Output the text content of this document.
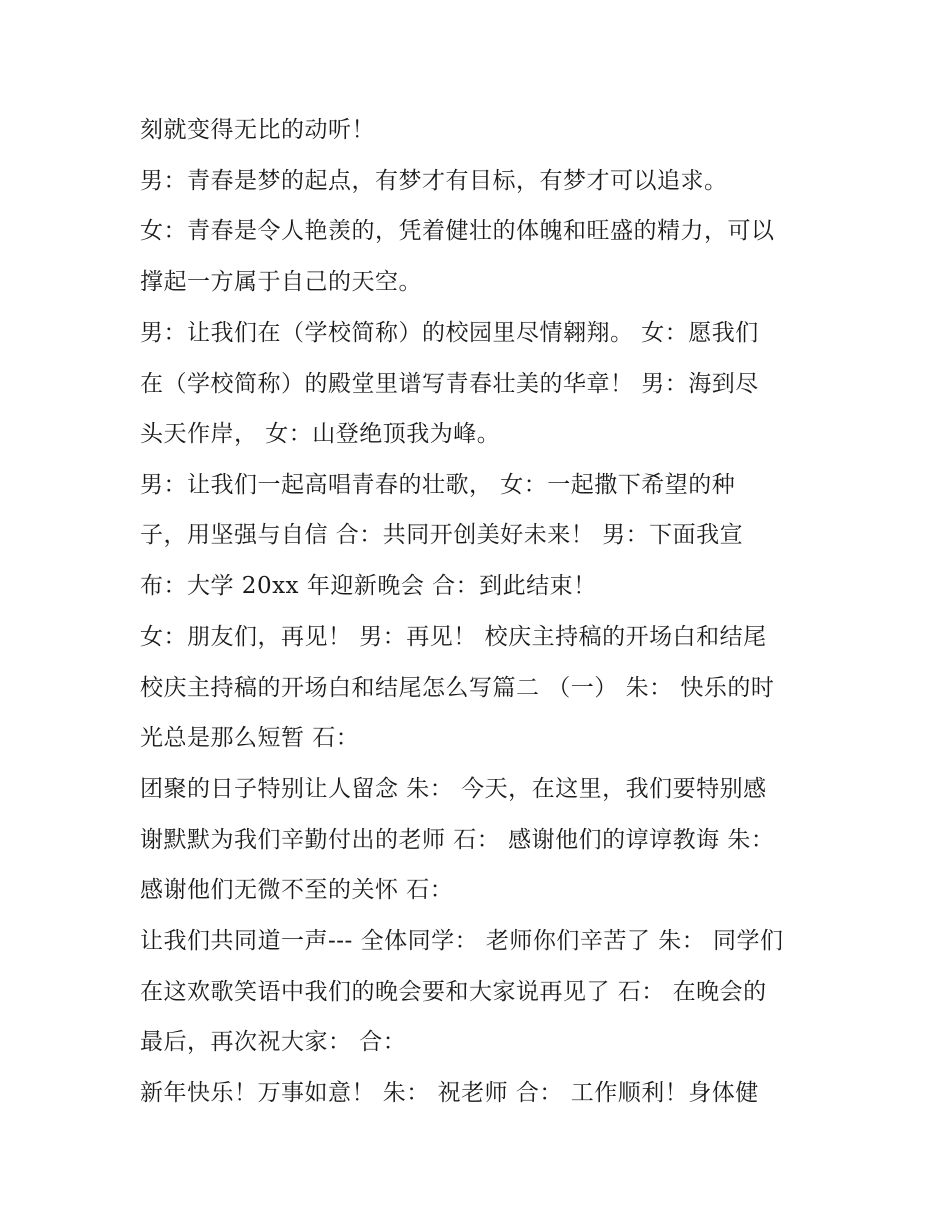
刻就变得无比的动听！
男：青春是梦的起点，有梦才有目标，有梦才可以追求。
女：青春是令人艳羡的，凭着健壮的体魄和旺盛的精力，可以
撑起一方属于自己的天空。
男：让我们在（学校简称）的校园里尽情翱翔。 女：愿我们
在（学校简称）的殿堂里谱写青春壮美的华章！ 男：海到尽
头天作岸， 女：山登绝顶我为峰。
男：让我们一起高唱青春的壮歌， 女：一起撒下希望的种
子，用坚强与自信 合：共同开创美好未来！ 男：下面我宣
布：大学 20xx 年迎新晚会 合：到此结束！
女：朋友们，再见！ 男：再见！ 校庆主持稿的开场白和结尾
校庆主持稿的开场白和结尾怎么写篇二 （一） 朱： 快乐的时
光总是那么短暂 石：
团聚的日子特别让人留念 朱： 今天，在这里，我们要特别感
谢默默为我们辛勤付出的老师 石： 感谢他们的谆谆教诲 朱：
感谢他们无微不至的关怀 石：
让我们共同道一声--- 全体同学： 老师你们辛苦了 朱： 同学们
在这欢歌笑语中我们的晚会要和大家说再见了 石： 在晚会的
最后，再次祝大家： 合：
新年快乐！万事如意！ 朱： 祝老师 合： 工作顺利！身体健
